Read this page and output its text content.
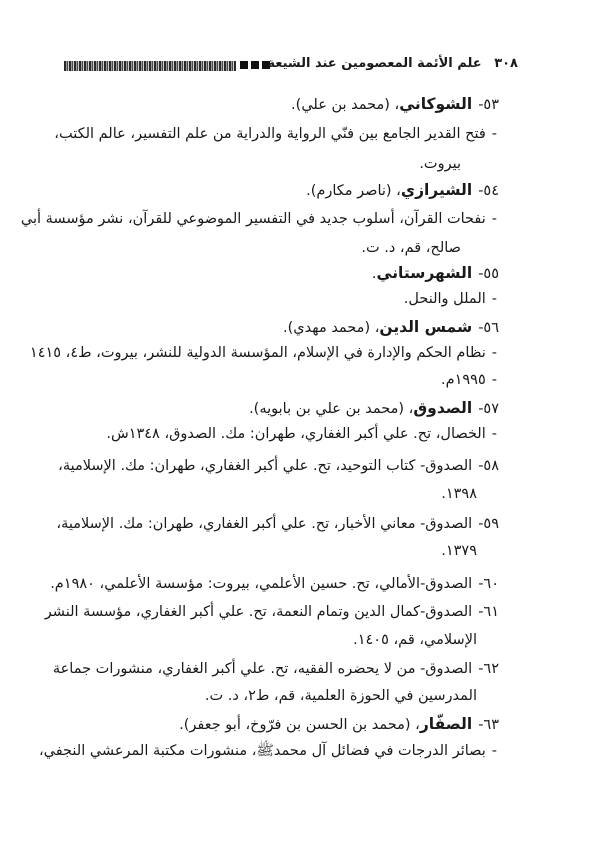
٣٠٨ علم الأئمة المعصومين عند الشيعة
٥٣-الشوكاني، (محمد بن علي).
-فتح القدير الجامع بين فنّي الرواية والدراية من علم التفسير، عالم الكتب،
بيروت.
٥٤-الشيرازي، (ناصر مكارم).
-نفحات القرآن، أسلوب جديد في التفسير الموضوعي للقرآن، نشر مؤسسة أبي
صالح، قم، د. ت.
٥٥-الشهرستاني.
-الملل والنحل.
٥٦-شمس الدين، (محمد مهدي).
-نظام الحكم والإدارة في الإسلام، المؤسسة الدولية للنشر، بيروت، ط٤، ١٤١٥
-١٩٩٥م.
٥٧-الصدوق، (محمد بن علي بن بابويه).
-الخصال، تح. علي أكبر الغفاري، طهران: مك. الصدوق، ١٣٤٨ش.
٥٨-الصدوق- كتاب التوحيد، تح. علي أكبر الغفاري، طهران: مك. الإسلامية،
١٣٩٨.
٥٩-الصدوق- معاني الأخبار، تح. علي أكبر الغفاري، طهران: مك. الإسلامية،
١٣٧٩.
٦٠-الصدوق-الأمالي، تح. حسين الأعلمي، بيروت: مؤسسة الأعلمي، ١٩٨٠م.
٦١-الصدوق-كمال الدين وتمام النعمة، تح. علي أكبر الغفاري، مؤسسة النشر
الإسلامي، قم، ١٤٠٥.
٦٢-الصدوق- من لا يحضره الفقيه، تح. علي أكبر الغفاري، منشورات جماعة
المدرسين في الحوزة العلمية، قم، ط٢، د. ت.
٦٣-الصفّار، (محمد بن الحسن بن فرّوخ، أبو جعفر).
-بصائر الدرجات في فضائل آل محمدﷺ، منشورات مكتبة المرعشي النجفي،
